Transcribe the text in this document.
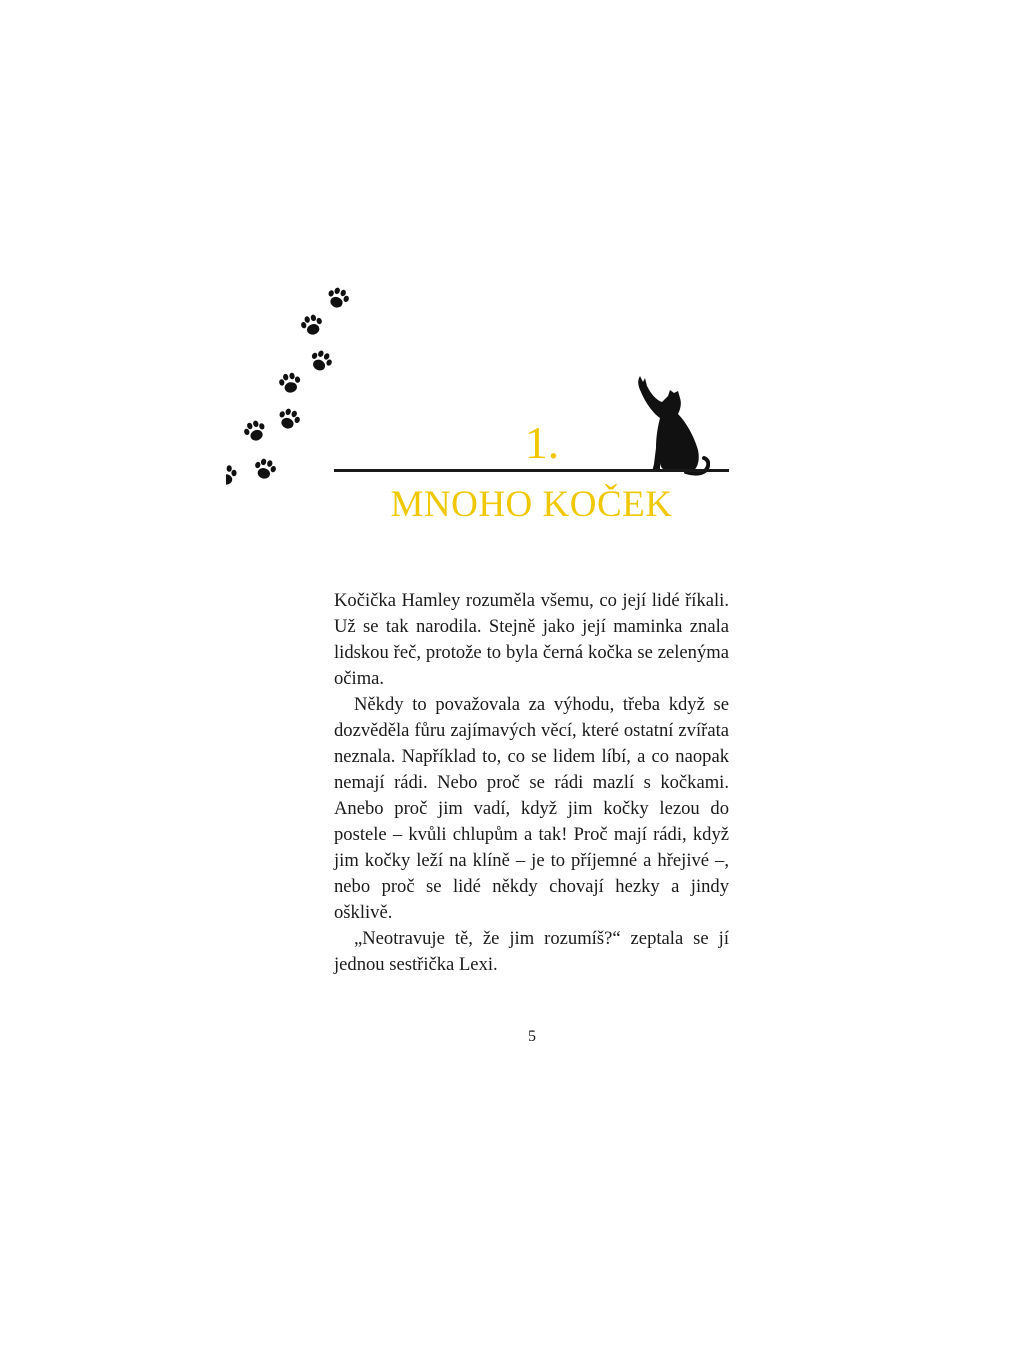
1.
MNOHO KOČEK

Kočička Hamley rozuměla všemu, co její lidé říkali. Už se tak narodila. Stejně jako její maminka znala lidskou řeč, protože to byla černá kočka se zelenýma očima.

Někdy to považovala za výhodu, třeba když se dozvěděla fůru zajímavých věcí, které ostatní zvířata neznala. Například to, co se lidem líbí, a co naopak nemají rádi. Nebo proč se rádi mazlí s kočkami. Anebo proč jim vadí, když jim kočky lezou do postele – kvůli chlupům a tak! Proč mají rádi, když jim kočky leží na klíně – je to příjemné a hřejivé –, nebo proč se lidé někdy chovají hezky a jindy ošklivě.

„Neotravuje tě, že jim rozumíš?“ zeptala se jí jednou sestřička Lexi.

5
